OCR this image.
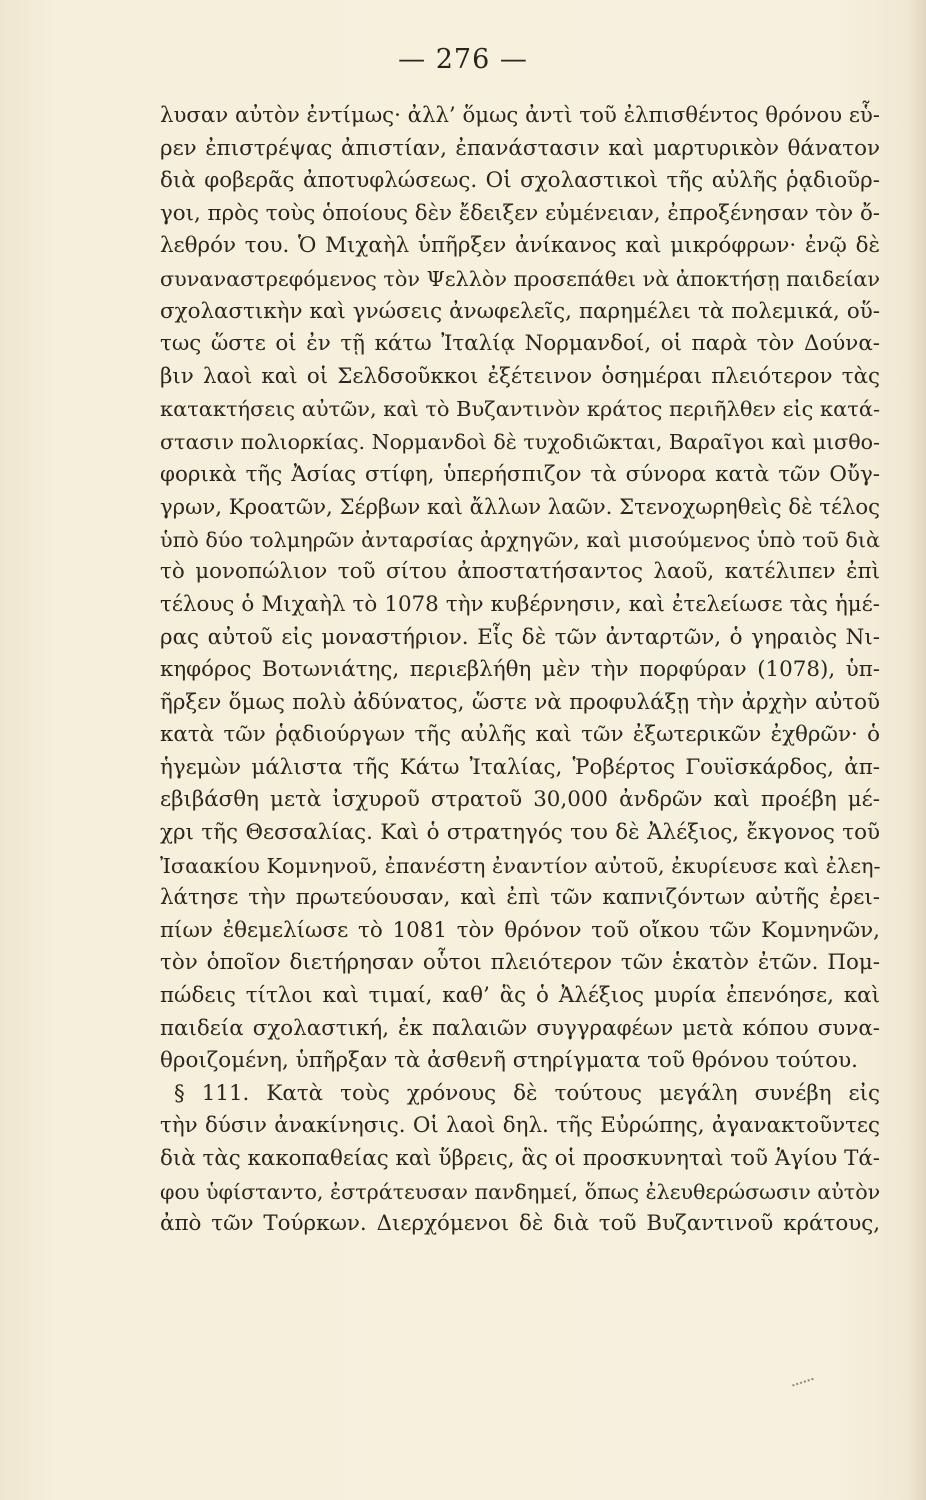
— 276 —
λυσαν αὐτὸν ἐντίμως· ἀλλ’ ὅμως ἀντὶ τοῦ ἐλπισθέντος θρόνου εὗ-
ρεν ἐπιστρέψας ἀπιστίαν, ἐπανάστασιν καὶ μαρτυρικὸν θάνατον
διὰ φοβερᾶς ἀποτυφλώσεως. Οἱ σχολαστικοὶ τῆς αὐλῆς ῥᾳδιοῦρ-
γοι, πρὸς τοὺς ὁποίους δὲν ἔδειξεν εὐμένειαν, ἐπροξένησαν τὸν ὄ-
λεθρόν του. Ὁ Μιχαὴλ ὑπῆρξεν ἀνίκανος καὶ μικρόφρων· ἐνῷ δὲ
συναναστρεφόμενος τὸν Ψελλὸν προσεπάθει νὰ ἀποκτήσῃ παιδείαν
σχολαστικὴν καὶ γνώσεις ἀνωφελεῖς, παρημέλει τὰ πολεμικά, οὕ-
τως ὥστε οἱ ἐν τῇ κάτω Ἰταλίᾳ Νορμανδοί, οἱ παρὰ τὸν Δούνα-
βιν λαοὶ καὶ οἱ Σελδσοῦκκοι ἐξέτεινον ὁσημέραι πλειότερον τὰς
κατακτήσεις αὐτῶν, καὶ τὸ Βυζαντινὸν κράτος περιῆλθεν εἰς κατά-
στασιν πολιορκίας. Νορμανδοὶ δὲ τυχοδιῶκται, Βαραῖγοι καὶ μισθο-
φορικὰ τῆς Ἀσίας στίφη, ὑπερήσπιζον τὰ σύνορα κατὰ τῶν Οὔγ-
γρων, Κροατῶν, Σέρβων καὶ ἄλλων λαῶν. Στενοχωρηθεὶς δὲ τέλος
ὑπὸ δύο τολμηρῶν ἀνταρσίας ἀρχηγῶν, καὶ μισούμενος ὑπὸ τοῦ διὰ
τὸ μονοπώλιον τοῦ σίτου ἀποστατήσαντος λαοῦ, κατέλιπεν ἐπὶ
τέλους ὁ Μιχαὴλ τὸ 1078 τὴν κυβέρνησιν, καὶ ἐτελείωσε τὰς ἡμέ-
ρας αὐτοῦ εἰς μοναστήριον. Εἷς δὲ τῶν ἀνταρτῶν, ὁ γηραιὸς Νι-
κηφόρος Βοτωνιάτης, περιεβλήθη μὲν τὴν πορφύραν (1078), ὑπ-
ῆρξεν ὅμως πολὺ ἀδύνατος, ὥστε νὰ προφυλάξῃ τὴν ἀρχὴν αὐτοῦ
κατὰ τῶν ῥᾳδιούργων τῆς αὐλῆς καὶ τῶν ἐξωτερικῶν ἐχθρῶν· ὁ
ἡγεμὼν μάλιστα τῆς Κάτω Ἰταλίας, Ῥοβέρτος Γουϊσκάρδος, ἀπ-
εβιβάσθη μετὰ ἰσχυροῦ στρατοῦ 30,000 ἀνδρῶν καὶ προέβη μέ-
χρι τῆς Θεσσαλίας. Καὶ ὁ στρατηγός του δὲ Ἀλέξιος, ἔκγονος τοῦ
Ἰσαακίου Κομνηνοῦ, ἐπανέστη ἐναντίον αὐτοῦ, ἐκυρίευσε καὶ ἐλεη-
λάτησε τὴν πρωτεύουσαν, καὶ ἐπὶ τῶν καπνιζόντων αὐτῆς ἐρει-
πίων ἐθεμελίωσε τὸ 1081 τὸν θρόνον τοῦ οἴκου τῶν Κομνηνῶν,
τὸν ὁποῖον διετήρησαν οὗτοι πλειότερον τῶν ἑκατὸν ἐτῶν. Πομ-
πώδεις τίτλοι καὶ τιμαί, καθ’ ἃς ὁ Ἀλέξιος μυρία ἐπενόησε, καὶ
παιδεία σχολαστική, ἐκ παλαιῶν συγγραφέων μετὰ κόπου συνα-
θροιζομένη, ὑπῆρξαν τὰ ἀσθενῆ στηρίγματα τοῦ θρόνου τούτου.
§ 111. Κατὰ τοὺς χρόνους δὲ τούτους μεγάλη συνέβη εἰς
τὴν δύσιν ἀνακίνησις. Οἱ λαοὶ δηλ. τῆς Εὐρώπης, ἀγανακτοῦντες
διὰ τὰς κακοπαθείας καὶ ὕβρεις, ἃς οἱ προσκυνηταὶ τοῦ Ἁγίου Τά-
φου ὑφίσταντο, ἐστράτευσαν πανδημεί, ὅπως ἐλευθερώσωσιν αὐτὸν
ἀπὸ τῶν Τούρκων. Διερχόμενοι δὲ διὰ τοῦ Βυζαντινοῦ κράτους,
